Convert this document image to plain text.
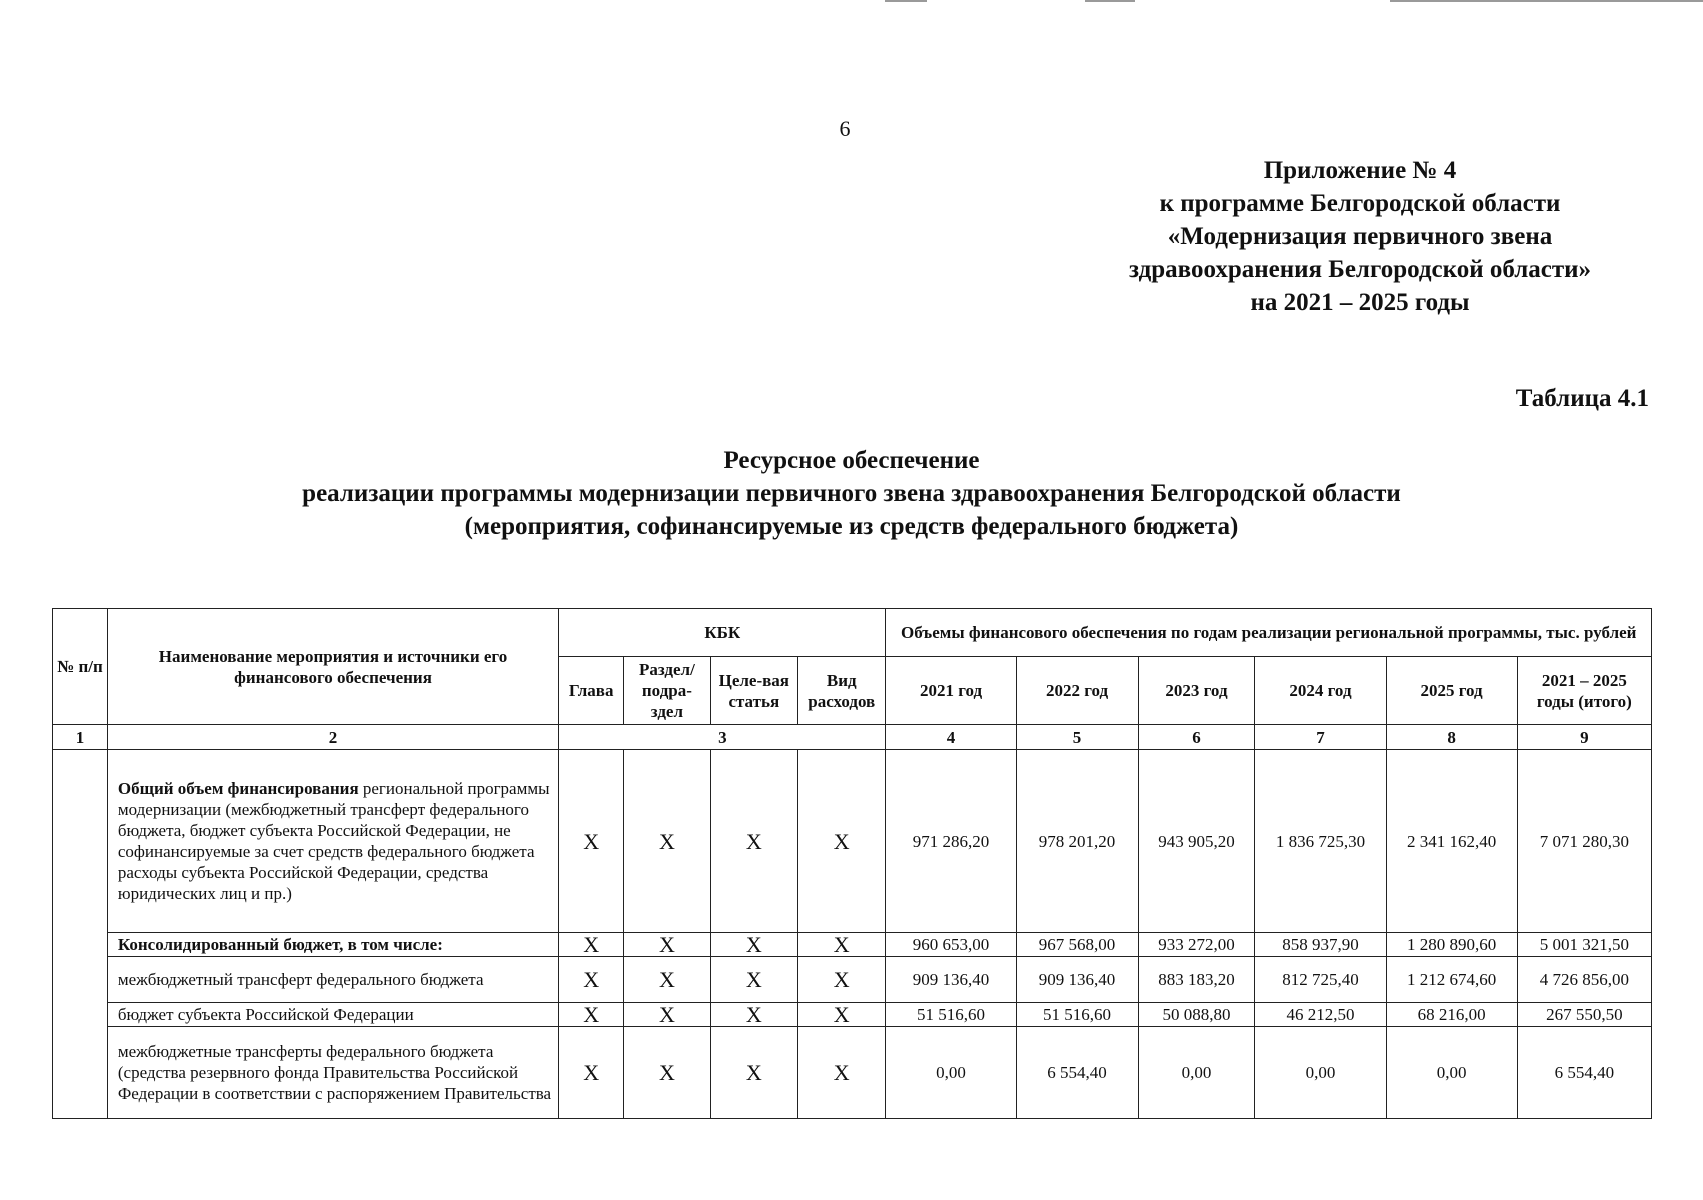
6
Приложение № 4
к программе Белгородской области
«Модернизация первичного звена
здравоохранения Белгородской области»
на 2021 – 2025 годы
Таблица 4.1
Ресурсное обеспечение
реализации программы модернизации первичного звена здравоохранения Белгородской области
(мероприятия, софинансируемые из средств федерального бюджета)
№ п/п	Наименование мероприятия и источники его финансового обеспечения	КБК				Объемы финансового обеспечения по годам реализации региональной программы, тыс. рублей					
		Глава	Раздел/ подра-здел	Целе-вая статья	Вид расходов	2021 год	2022 год	2023 год	2024 год	2025 год	2021 – 2025 годы (итого)
1	2	3				4	5	6	7	8	9
	Общий объем финансирования региональной программы модернизации (межбюджетный трансферт федерального бюджета, бюджет субъекта Российской Федерации, не софинансируемые за счет средств федерального бюджета расходы субъекта Российской Федерации, средства юридических лиц и пр.)	Х	Х	Х	Х	971 286,20	978 201,20	943 905,20	1 836 725,30	2 341 162,40	7 071 280,30
	Консолидированный бюджет, в том числе:	Х	Х	Х	Х	960 653,00	967 568,00	933 272,00	858 937,90	1 280 890,60	5 001 321,50
	межбюджетный трансферт федерального бюджета	Х	Х	Х	Х	909 136,40	909 136,40	883 183,20	812 725,40	1 212 674,60	4 726 856,00
	бюджет субъекта Российской Федерации	Х	Х	Х	Х	51 516,60	51 516,60	50 088,80	46 212,50	68 216,00	267 550,50
	межбюджетные трансферты федерального бюджета (средства резервного фонда Правительства Российской Федерации в соответствии с распоряжением Правительства	Х	Х	Х	Х	0,00	6 554,40	0,00	0,00	0,00	6 554,40
